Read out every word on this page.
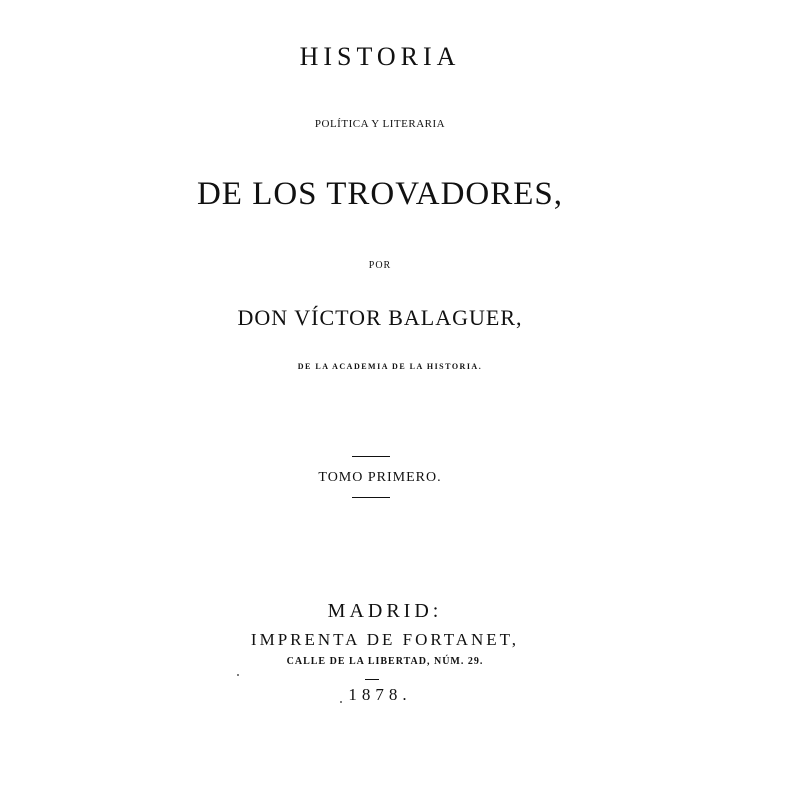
HISTORIA
POLÍTICA Y LITERARIA
DE LOS TROVADORES,
POR
DON VÍCTOR BALAGUER,
DE LA ACADEMIA DE LA HISTORIA.
TOMO PRIMERO.
MADRID:
IMPRENTA DE FORTANET,
CALLE DE LA LIBERTAD, NÚM. 29.
1878.
